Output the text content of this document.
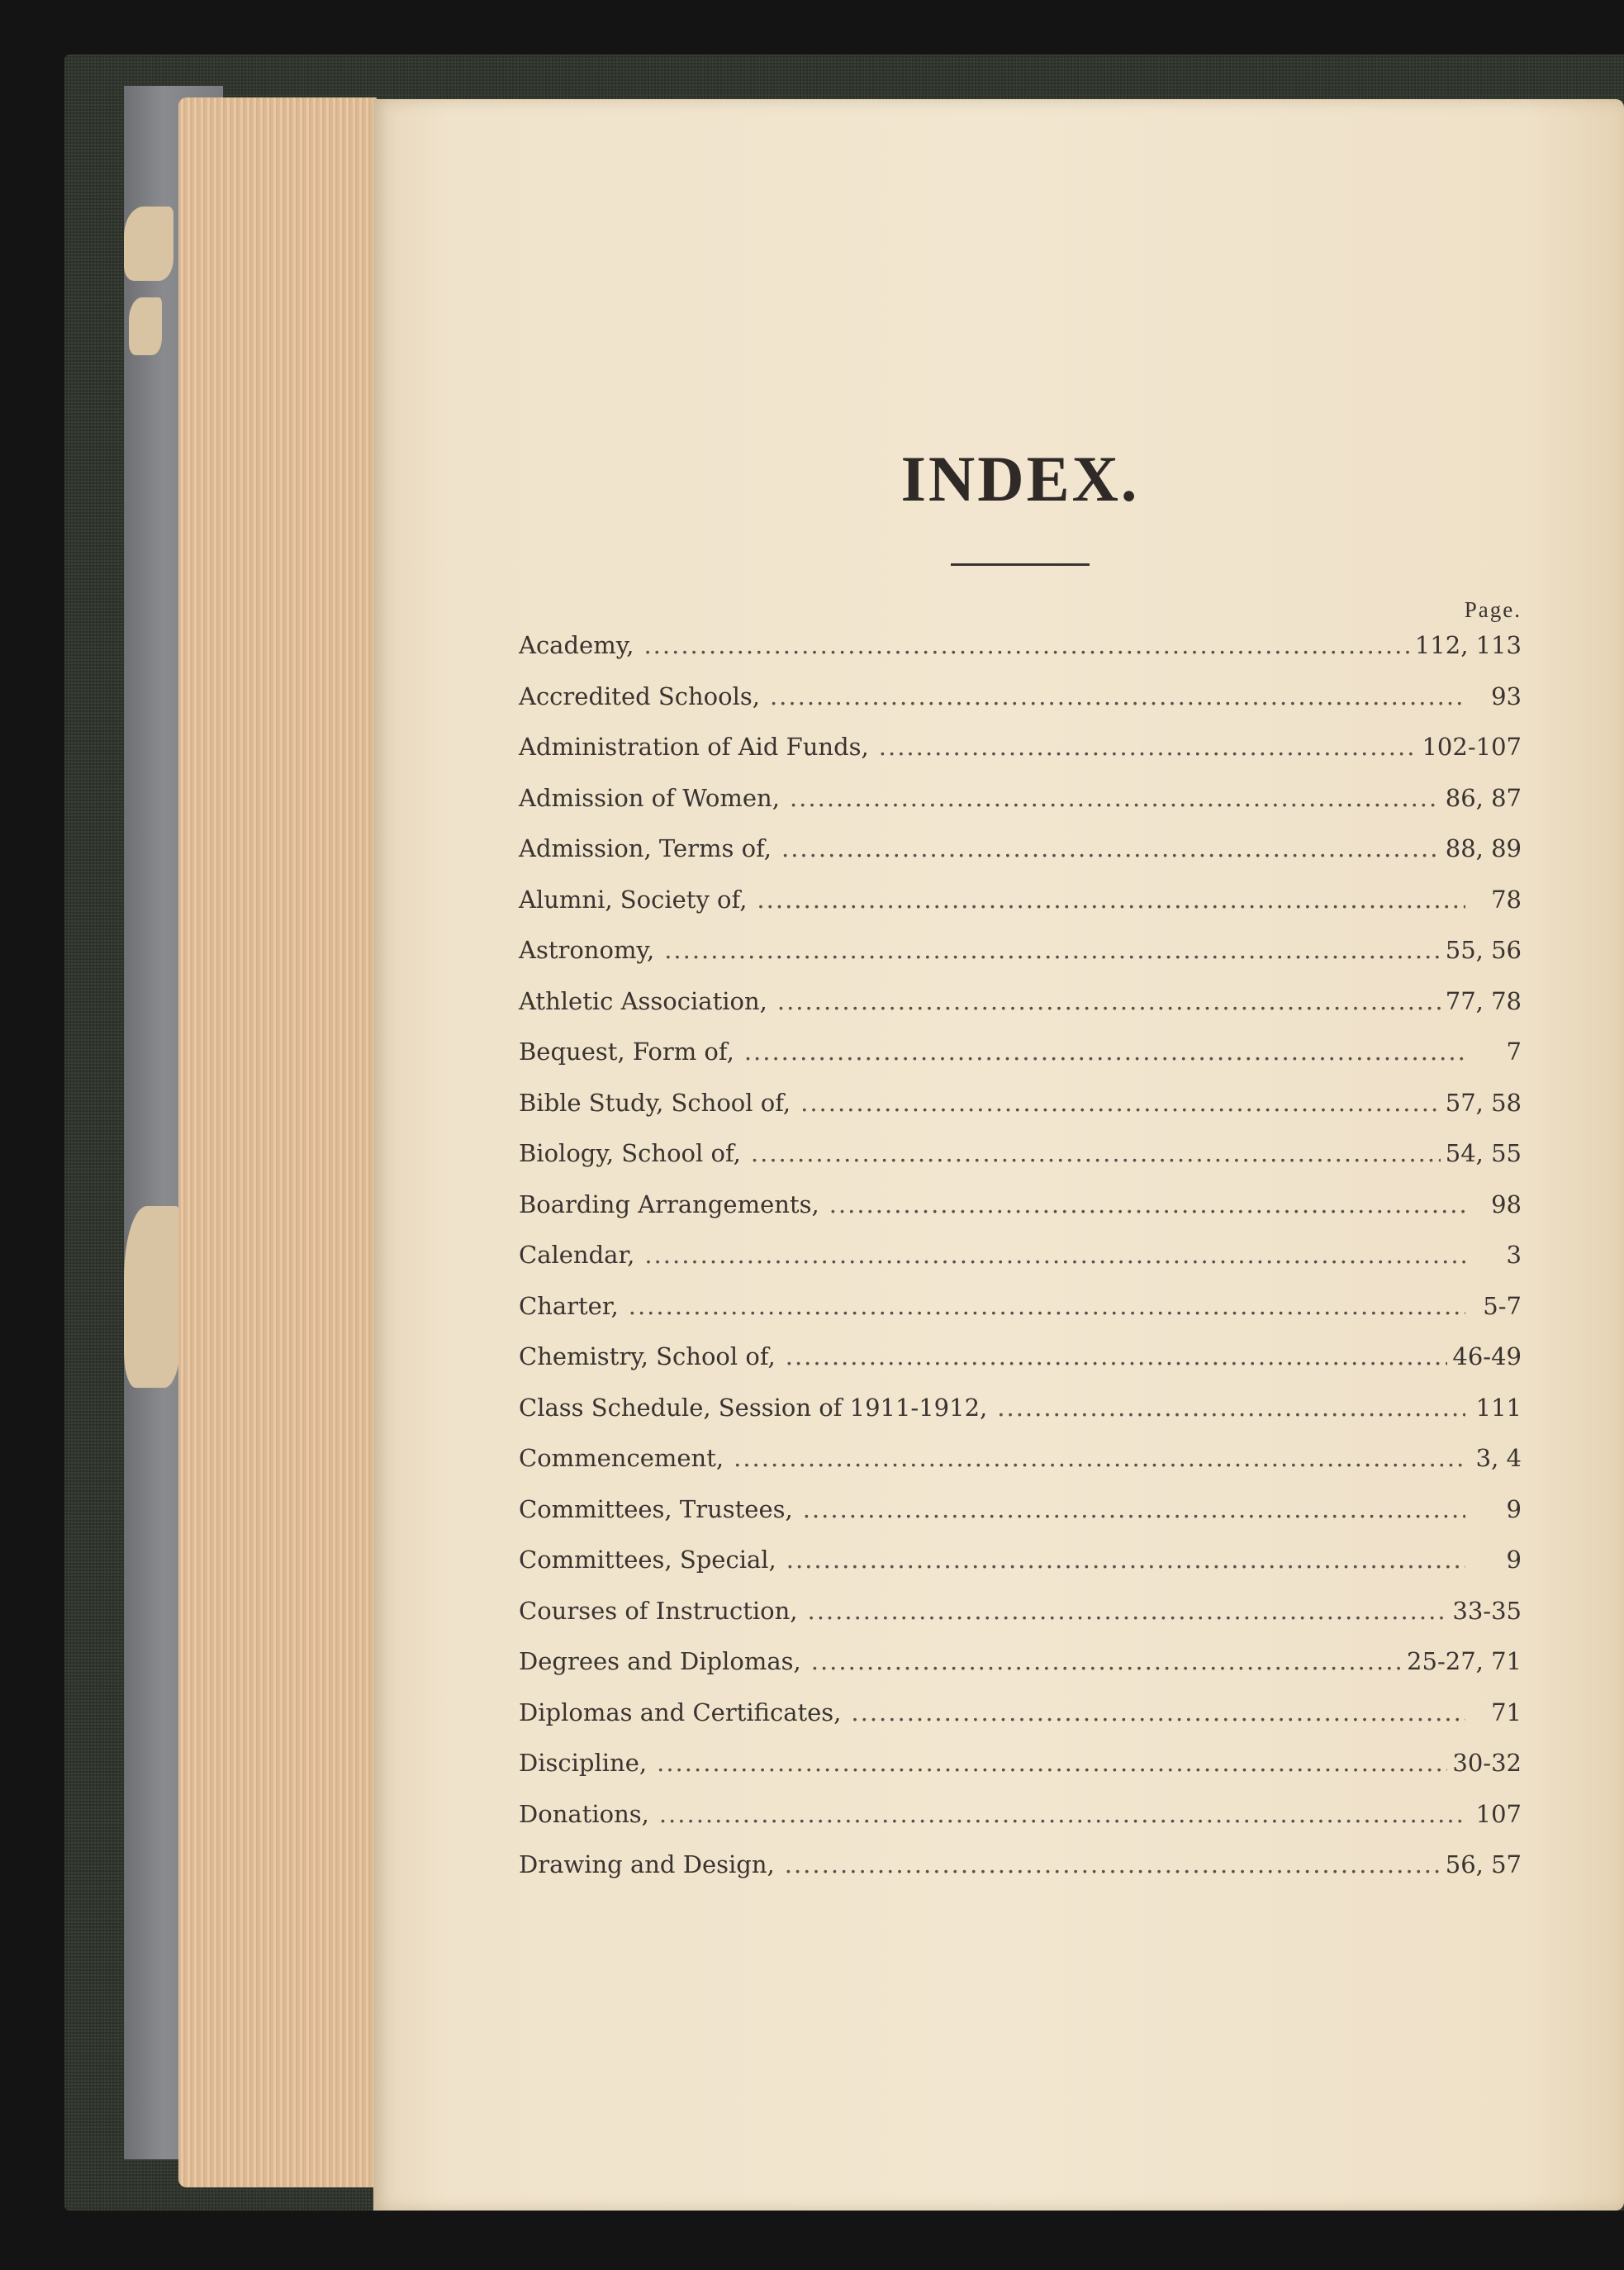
INDEX.
Page.
Academy, .....	112, 113
Accredited Schools, .....	93
Administration of Aid Funds, .....	102-107
Admission of Women, .....	86, 87
Admission, Terms of, .....	88, 89
Alumni, Society of, .....	78
Astronomy, .....	55, 56
Athletic Association, .....	77, 78
Bequest, Form of, .....	7
Bible Study, School of, .....	57, 58
Biology, School of, .....	54, 55
Boarding Arrangements, .....	98
Calendar, .....	3
Charter, .....	5-7
Chemistry, School of, .....	46-49
Class Schedule, Session of 1911-1912, .....	111
Commencement, .....	3, 4
Committees, Trustees, .....	9
Committees, Special, .....	9
Courses of Instruction, .....	33-35
Degrees and Diplomas, .....	25-27, 71
Diplomas and Certificates, .....	71
Discipline, .....	30-32
Donations, .....	107
Drawing and Design, .....	56, 57
